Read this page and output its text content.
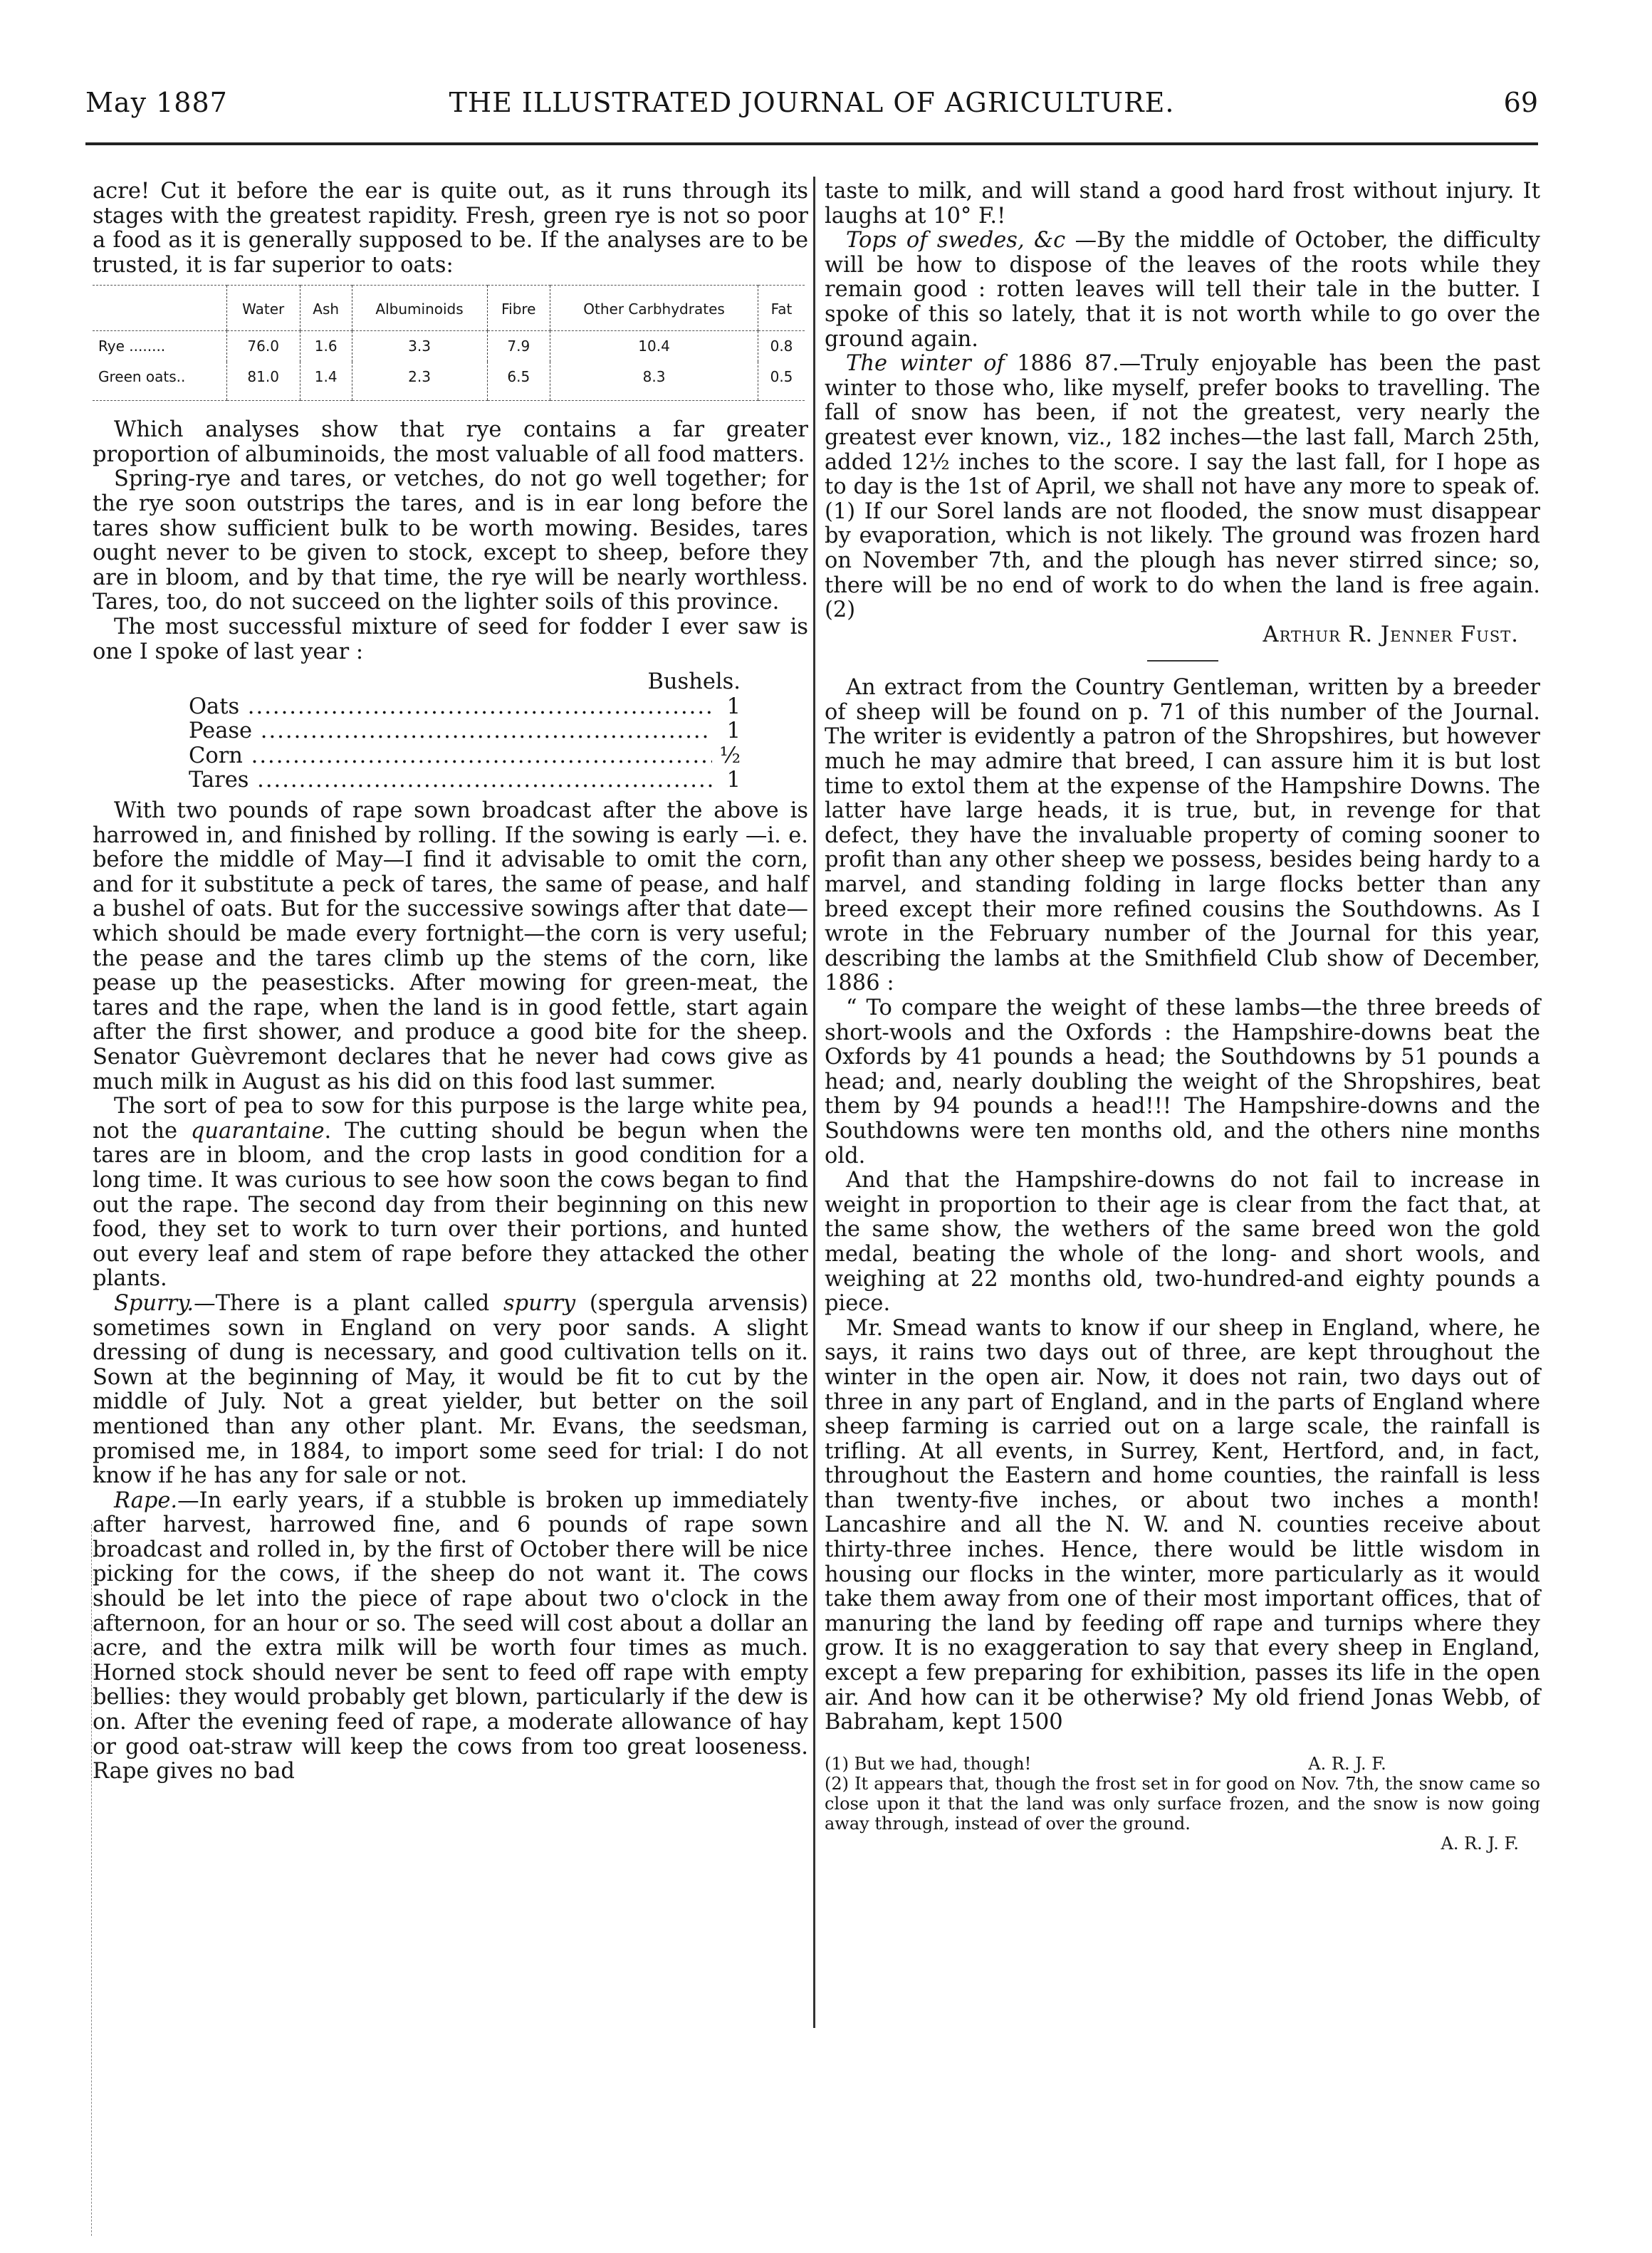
May 1887	THE ILLUSTRATED JOURNAL OF AGRICULTURE.	69

acre! Cut it before the ear is quite out, as it runs through its stages with the greatest rapidity. Fresh, green rye is not so poor a food as it is generally supposed to be. If the analyses are to be trusted, it is far superior to oats:

	Water	Ash	Albuminoids	Fibre	Other Carbhydrates	Fat
Rye ........	76.0	1.6	3.3	7.9	10.4	0.8
Green oats..	81.0	1.4	2.3	6.5	8.3	0.5

Which analyses show that rye contains a far greater proportion of albuminoids, the most valuable of all food matters.

Spring-rye and tares, or vetches, do not go well together; for the rye soon outstrips the tares, and is in ear long before the tares show sufficient bulk to be worth mowing. Besides, tares ought never to be given to stock, except to sheep, before they are in bloom, and by that time, the rye will be nearly worthless. Tares, too, do not succeed on the lighter soils of this province.

The most successful mixture of seed for fodder I ever saw is one I spoke of last year :

Bushels.
Oats .....	1
Pease .....	1
Corn .....	½
Tares .....	1

With two pounds of rape sown broadcast after the above is harrowed in, and finished by rolling. If the sowing is early —i. e. before the middle of May—I find it advisable to omit the corn, and for it substitute a peck of tares, the same of pease, and half a bushel of oats. But for the successive sowings after that date—which should be made every fortnight—the corn is very useful; the pease and the tares climb up the stems of the corn, like pease up the peasesticks. After mowing for green-meat, the tares and the rape, when the land is in good fettle, start again after the first shower, and produce a good bite for the sheep. Senator Guèvremont declares that he never had cows give as much milk in August as his did on this food last summer.

The sort of pea to sow for this purpose is the large white pea, not the quarantaine. The cutting should be begun when the tares are in bloom, and the crop lasts in good condition for a long time. It was curious to see how soon the cows began to find out the rape. The second day from their beginning on this new food, they set to work to turn over their portions, and hunted out every leaf and stem of rape before they attacked the other plants.

Spurry.—There is a plant called spurry (spergula arvensis) sometimes sown in England on very poor sands. A slight dressing of dung is necessary, and good cultivation tells on it. Sown at the beginning of May, it would be fit to cut by the middle of July. Not a great yielder, but better on the soil mentioned than any other plant. Mr. Evans, the seedsman, promised me, in 1884, to import some seed for trial: I do not know if he has any for sale or not.

Rape.—In early years, if a stubble is broken up immediately after harvest, harrowed fine, and 6 pounds of rape sown broadcast and rolled in, by the first of October there will be nice picking for the cows, if the sheep do not want it. The cows should be let into the piece of rape about two o'clock in the afternoon, for an hour or so. The seed will cost about a dollar an acre, and the extra milk will be worth four times as much. Horned stock should never be sent to feed off rape with empty bellies: they would probably get blown, particularly if the dew is on. After the evening feed of rape, a moderate allowance of hay or good oat-straw will keep the cows from too great looseness. Rape gives no bad

taste to milk, and will stand a good hard frost without injury. It laughs at 10° F.!

Tops of swedes, &c —By the middle of October, the difficulty will be how to dispose of the leaves of the roots while they remain good : rotten leaves will tell their tale in the butter. I spoke of this so lately, that it is not worth while to go over the ground again.

The winter of 1886 87.—Truly enjoyable has been the past winter to those who, like myself, prefer books to travelling. The fall of snow has been, if not the greatest, very nearly the greatest ever known, viz., 182 inches—the last fall, March 25th, added 12½ inches to the score. I say the last fall, for I hope as to day is the 1st of April, we shall not have any more to speak of. (1) If our Sorel lands are not flooded, the snow must disappear by evaporation, which is not likely. The ground was frozen hard on November 7th, and the plough has never stirred since; so, there will be no end of work to do when the land is free again. (2)

Arthur R. Jenner Fust.

An extract from the Country Gentleman, written by a breeder of sheep will be found on p. 71 of this number of the Journal. The writer is evidently a patron of the Shropshires, but however much he may admire that breed, I can assure him it is but lost time to extol them at the expense of the Hampshire Downs. The latter have large heads, it is true, but, in revenge for that defect, they have the invaluable property of coming sooner to profit than any other sheep we possess, besides being hardy to a marvel, and standing folding in large flocks better than any breed except their more refined cousins the Southdowns. As I wrote in the February number of the Journal for this year, describing the lambs at the Smithfield Club show of December, 1886 :

“ To compare the weight of these lambs—the three breeds of short-wools and the Oxfords : the Hampshire-downs beat the Oxfords by 41 pounds a head; the Southdowns by 51 pounds a head; and, nearly doubling the weight of the Shropshires, beat them by 94 pounds a head!!! The Hampshire-downs and the Southdowns were ten months old, and the others nine months old.

And that the Hampshire-downs do not fail to increase in weight in proportion to their age is clear from the fact that, at the same show, the wethers of the same breed won the gold medal, beating the whole of the long- and short wools, and weighing at 22 months old, two-hundred-and eighty pounds a piece.

Mr. Smead wants to know if our sheep in England, where, he says, it rains two days out of three, are kept throughout the winter in the open air. Now, it does not rain, two days out of three in any part of England, and in the parts of England where sheep farming is carried out on a large scale, the rainfall is trifling. At all events, in Surrey, Kent, Hertford, and, in fact, throughout the Eastern and home counties, the rainfall is less than twenty-five inches, or about two inches a month! Lancashire and all the N. W. and N. counties receive about thirty-three inches. Hence, there would be little wisdom in housing our flocks in the winter, more particularly as it would take them away from one of their most important offices, that of manuring the land by feeding off rape and turnips where they grow. It is no exaggeration to say that every sheep in England, except a few preparing for exhibition, passes its life in the open air. And how can it be otherwise? My old friend Jonas Webb, of Babraham, kept 1500

(1) But we had, though!                                                   A. R. J. F.

(2) It appears that, though the frost set in for good on Nov. 7th, the snow came so close upon it that the land was only surface frozen, and the snow is now going away through, instead of over the ground.

A. R. J. F.
